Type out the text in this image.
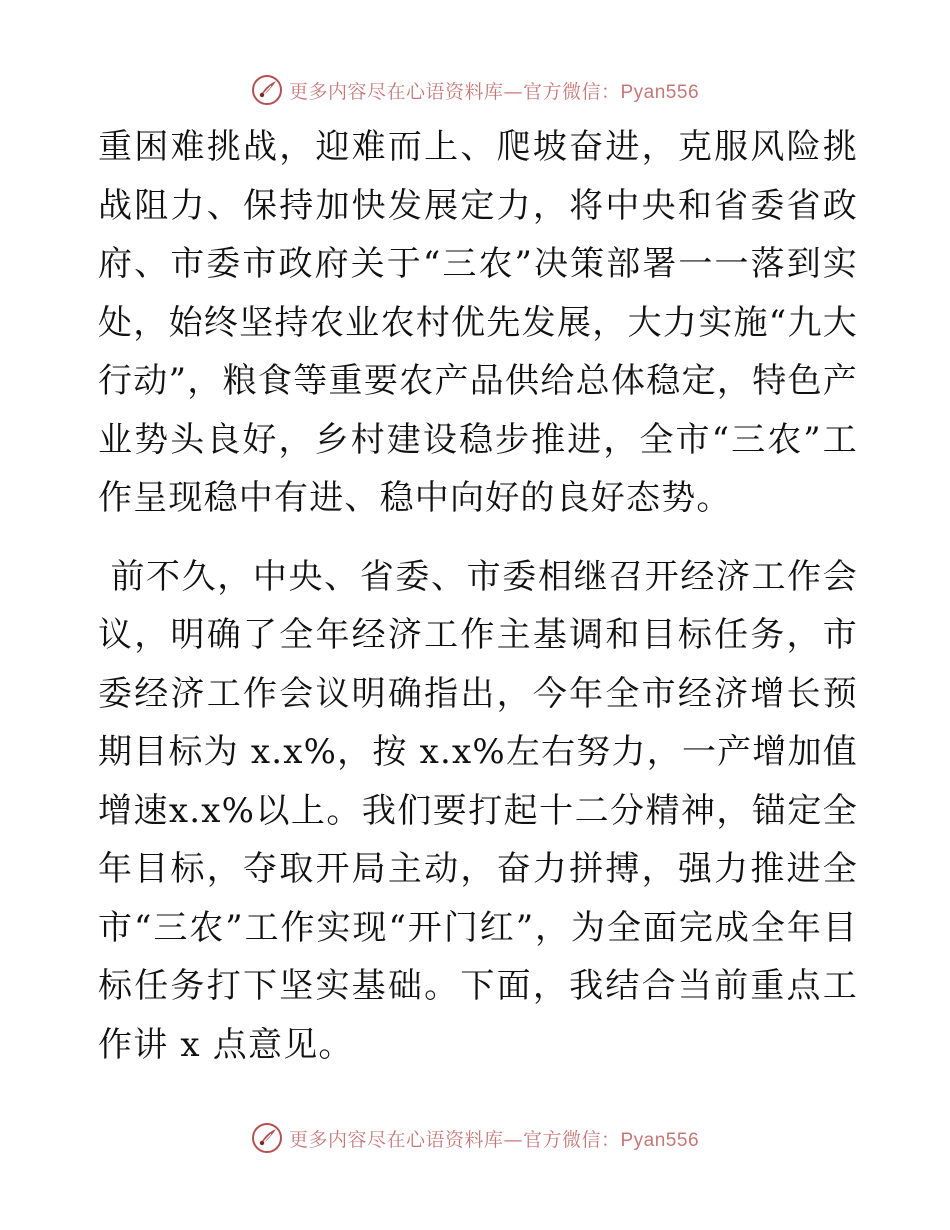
更多内容尽在心语资料库—官方微信：Pyan556

重困难挑战，迎难而上、爬坡奋进，克服风险挑战阻力、保持加快发展定力，将中央和省委省政府、市委市政府关于“三农”决策部署一一落到实处，始终坚持农业农村优先发展，大力实施“九大行动”，粮食等重要农产品供给总体稳定，特色产业势头良好，乡村建设稳步推进，全市“三农”工作呈现稳中有进、稳中向好的良好态势。

前不久，中央、省委、市委相继召开经济工作会议，明确了全年经济工作主基调和目标任务，市委经济工作会议明确指出，今年全市经济增长预期目标为 x.x%，按 x.x%左右努力，一产增加值增速x.x%以上。我们要打起十二分精神，锚定全年目标，夺取开局主动，奋力拼搏，强力推进全市“三农”工作实现“开门红”，为全面完成全年目标任务打下坚实基础。下面，我结合当前重点工作讲 x 点意见。

更多内容尽在心语资料库—官方微信：Pyan556
